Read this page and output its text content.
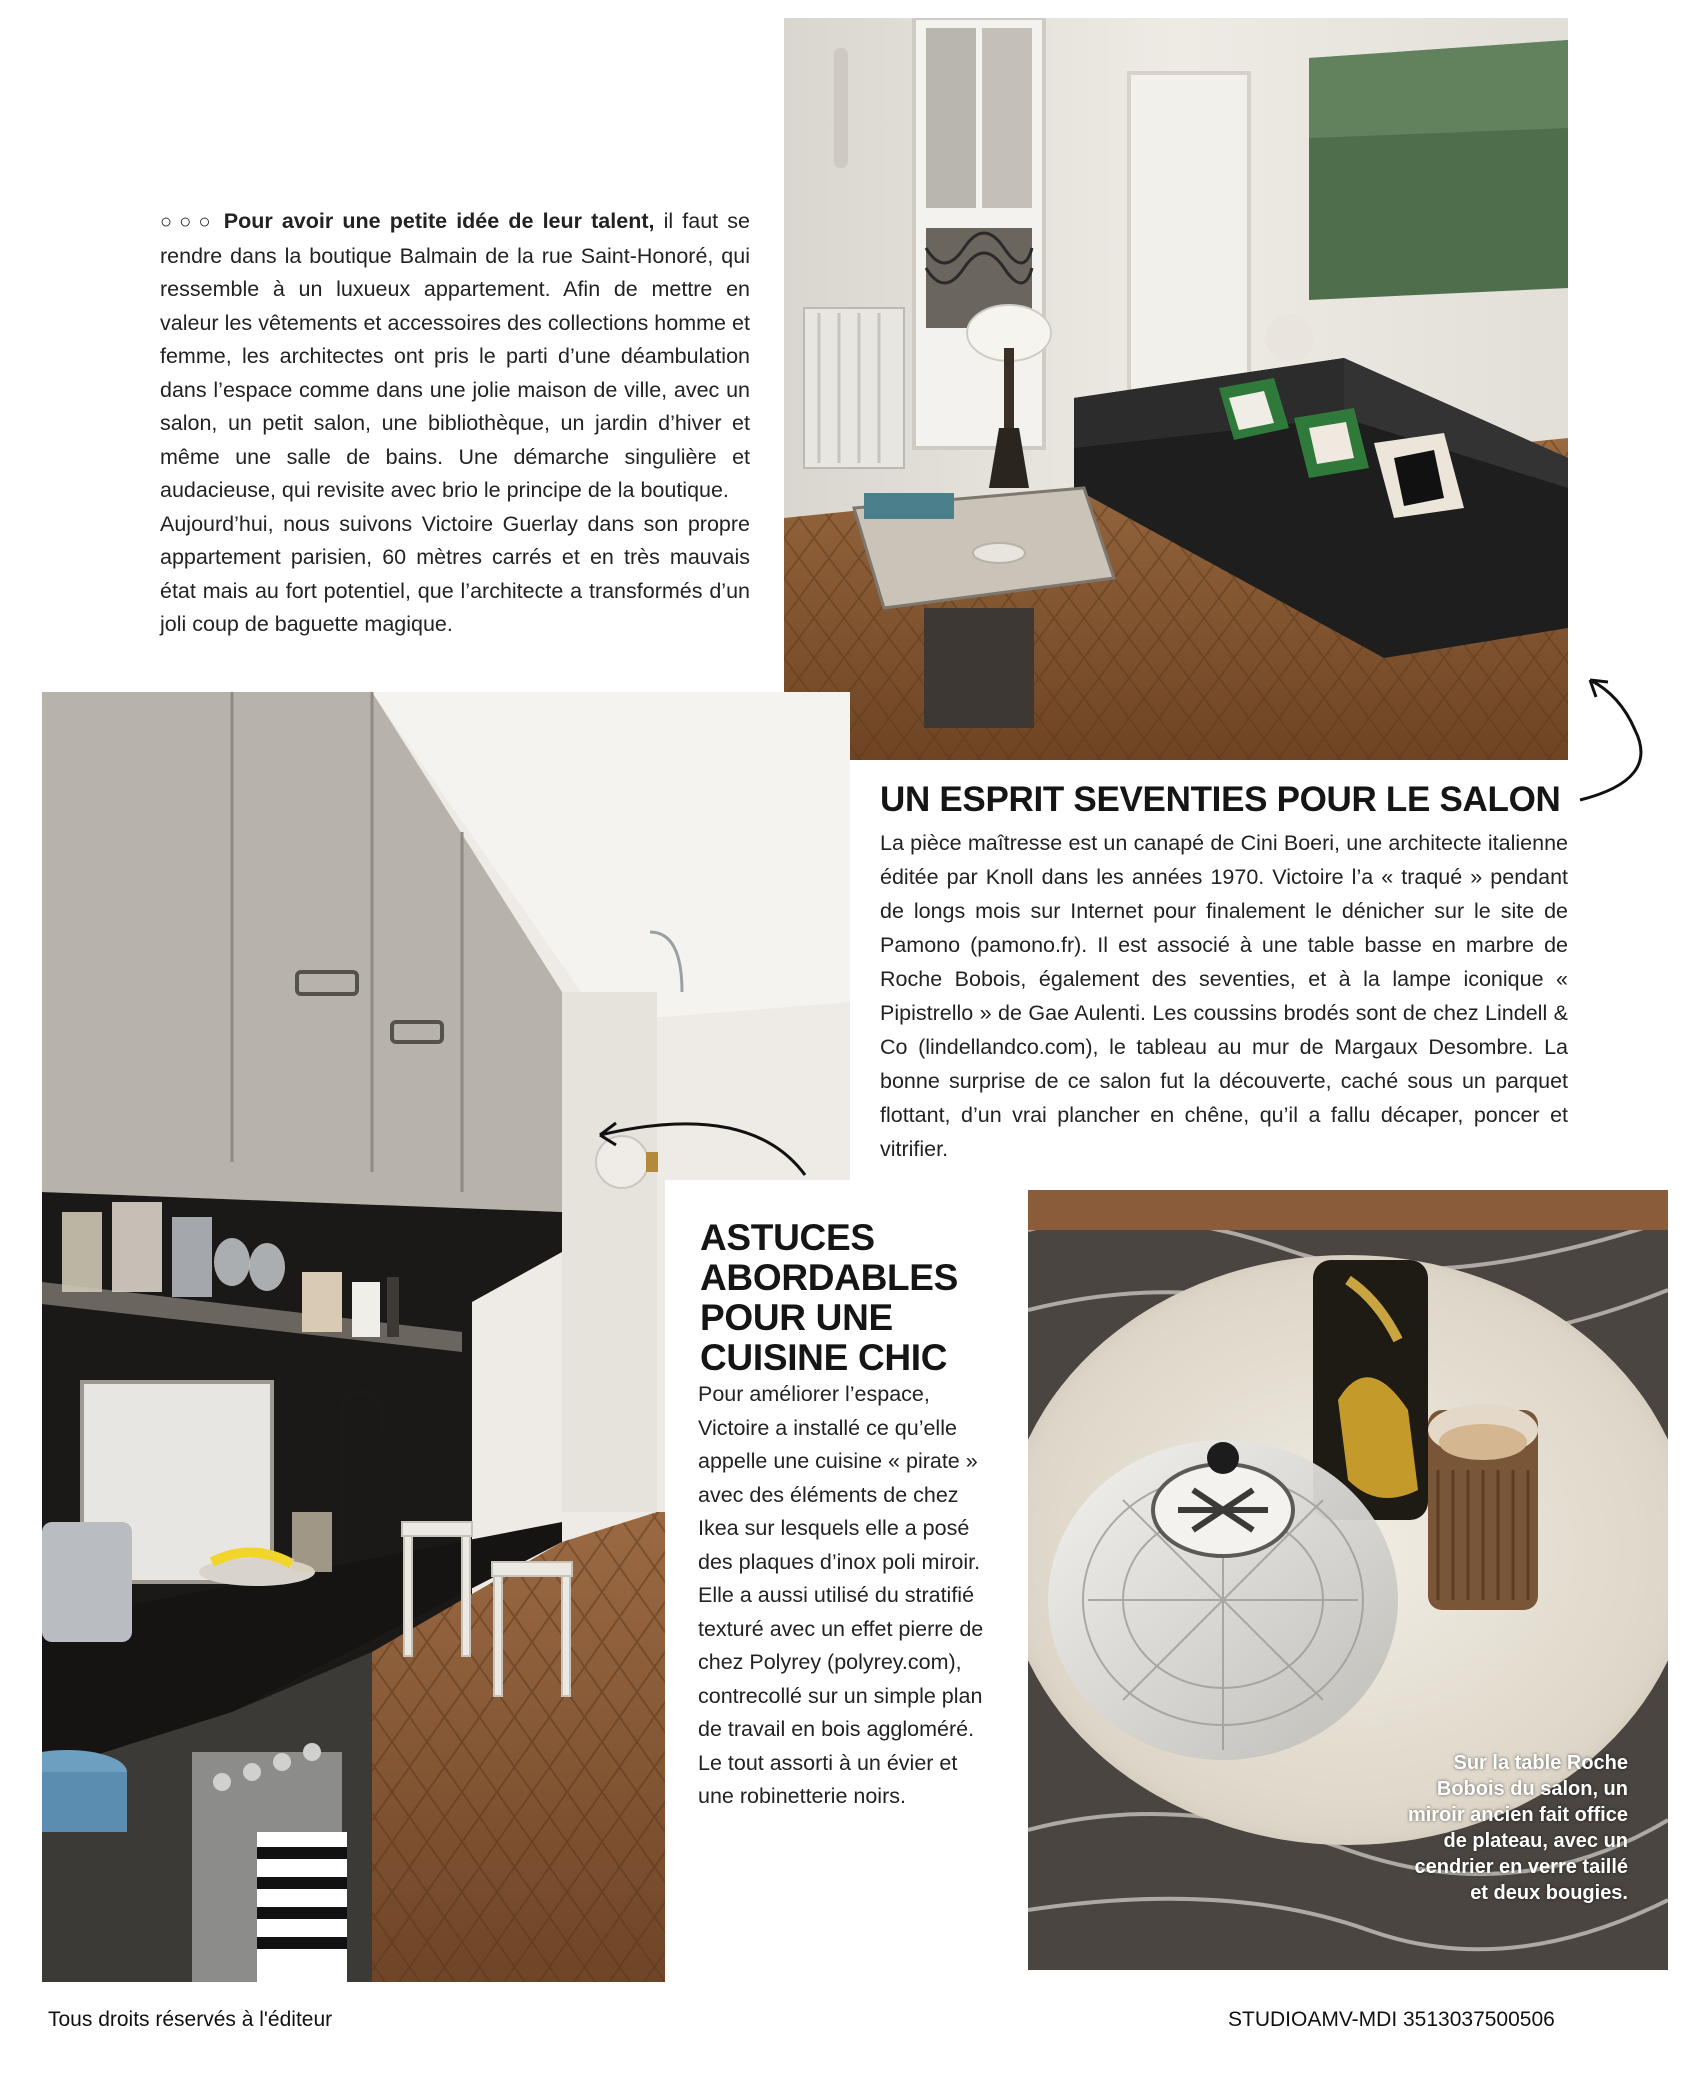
○○○ Pour avoir une petite idée de leur talent, il faut se rendre dans la boutique Balmain de la rue Saint-Honoré, qui ressemble à un luxueux appartement. Afin de mettre en valeur les vêtements et accessoires des collections homme et femme, les architectes ont pris le parti d’une déambulation dans l’espace comme dans une jolie maison de ville, avec un salon, un petit salon, une bibliothèque, un jardin d’hiver et même une salle de bains. Une démarche singulière et audacieuse, qui revisite avec brio le principe de la boutique.
Aujourd’hui, nous suivons Victoire Guerlay dans son propre appartement parisien, 60 mètres carrés et en très mauvais état mais au fort potentiel, que l’architecte a transformés d’un joli coup de baguette magique.
UN ESPRIT SEVENTIES POUR LE SALON
La pièce maîtresse est un canapé de Cini Boeri, une architecte italienne éditée par Knoll dans les années 1970. Victoire l’a « traqué » pendant de longs mois sur Internet pour finalement le dénicher sur le site de Pamono (pamono.fr). Il est associé à une table basse en marbre de Roche Bobois, également des seventies, et à la lampe iconique « Pipistrello » de Gae Aulenti. Les coussins brodés sont de chez Lindell & Co (lindellandco.com), le tableau au mur de Margaux Desombre. La bonne surprise de ce salon fut la découverte, caché sous un parquet flottant, d’un vrai plancher en chêne, qu’il a fallu décaper, poncer et vitrifier.
ASTUCES
ABORDABLES
POUR UNE
CUISINE CHIC
Pour améliorer l’espace, Victoire a installé ce qu’elle appelle une cuisine « pirate » avec des éléments de chez Ikea sur lesquels elle a posé des plaques d’inox poli miroir. Elle a aussi utilisé du stratifié texturé avec un effet pierre de chez Polyrey (polyrey.com), contrecollé sur un simple plan de travail en bois aggloméré. Le tout assorti à un évier et une robinetterie noirs.
Sur la table Roche Bobois du salon, un miroir ancien fait office de plateau, avec un cendrier en verre taillé et deux bougies.
Tous droits réservés à l'éditeur	STUDIOAMV-MDI 3513037500506
